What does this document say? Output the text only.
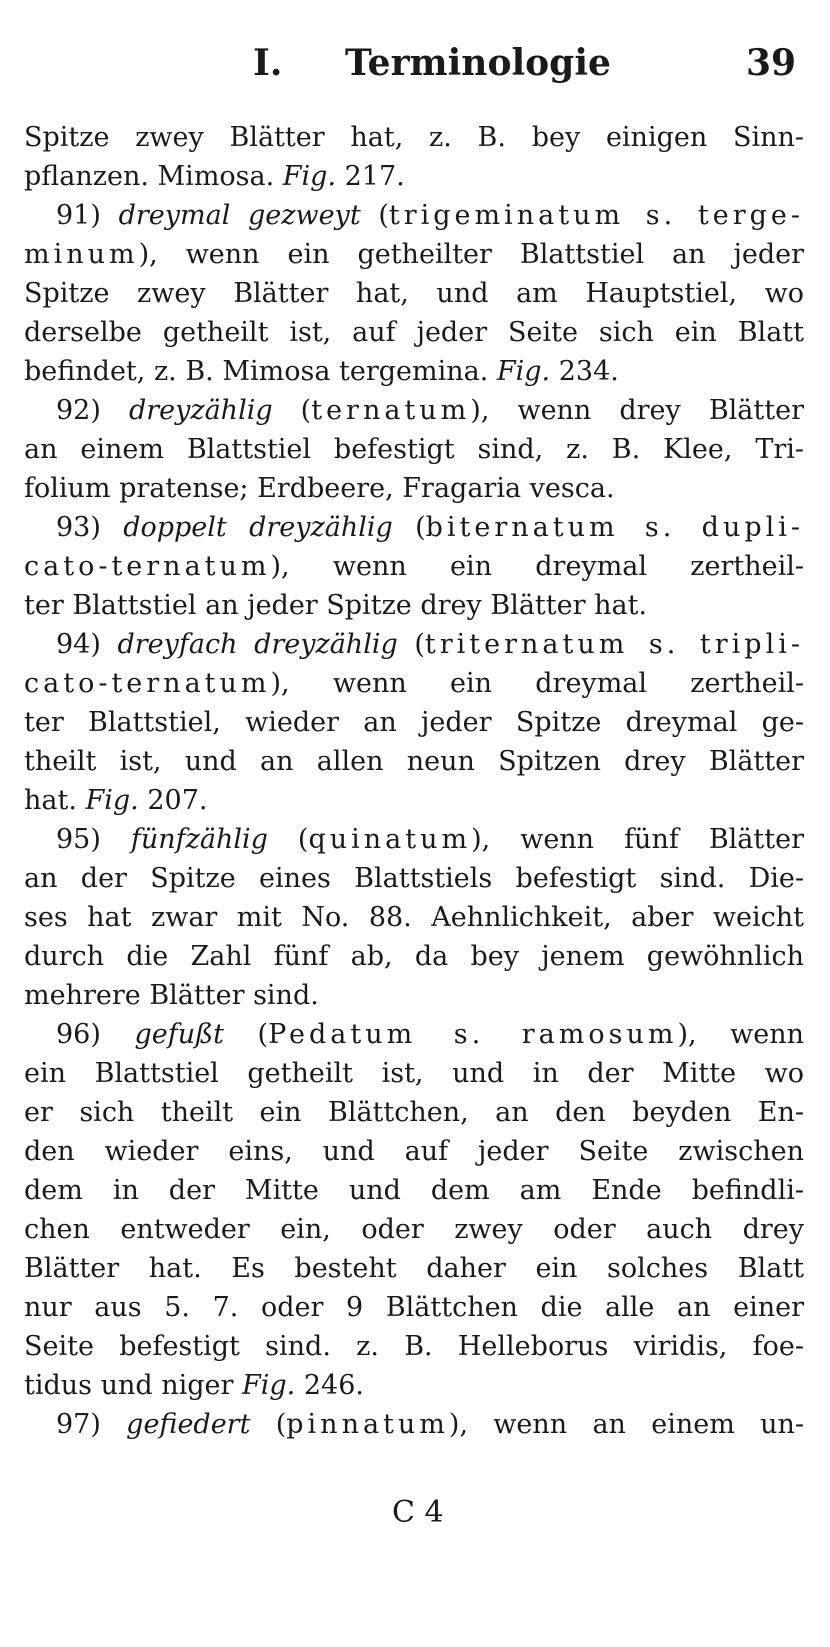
I. Terminologie	39
Spitze zwey Blätter hat, z. B. bey einigen Sinn-
pflanzen. Mimosa. Fig. 217.
91) dreymal gezweyt (trigeminatum s. terge-
minum), wenn ein getheilter Blattstiel an jeder
Spitze zwey Blätter hat, und am Hauptstiel, wo
derselbe getheilt ist, auf jeder Seite sich ein Blatt
befindet, z. B. Mimosa tergemina. Fig. 234.
92) dreyzählig (ternatum), wenn drey Blätter
an einem Blattstiel befestigt sind, z. B. Klee, Tri-
folium pratense; Erdbeere, Fragaria vesca.
93) doppelt dreyzählig (biternatum s. dupli-
cato-ternatum), wenn ein dreymal zertheil-
ter Blattstiel an jeder Spitze drey Blätter hat.
94) dreyfach dreyzählig (triternatum s. tripli-
cato-ternatum), wenn ein dreymal zertheil-
ter Blattstiel, wieder an jeder Spitze dreymal ge-
theilt ist, und an allen neun Spitzen drey Blätter
hat. Fig. 207.
95) fünfzählig (quinatum), wenn fünf Blätter
an der Spitze eines Blattstiels befestigt sind. Die-
ses hat zwar mit No. 88. Aehnlichkeit, aber weicht
durch die Zahl fünf ab, da bey jenem gewöhnlich
mehrere Blätter sind.
96) gefußt (Pedatum s. ramosum), wenn
ein Blattstiel getheilt ist, und in der Mitte wo
er sich theilt ein Blättchen, an den beyden En-
den wieder eins, und auf jeder Seite zwischen
dem in der Mitte und dem am Ende befindli-
chen entweder ein, oder zwey oder auch drey
Blätter hat. Es besteht daher ein solches Blatt
nur aus 5. 7. oder 9 Blättchen die alle an einer
Seite befestigt sind. z. B. Helleborus viridis, foe-
tidus und niger Fig. 246.
97) gefiedert (pinnatum), wenn an einem un-
C 4
